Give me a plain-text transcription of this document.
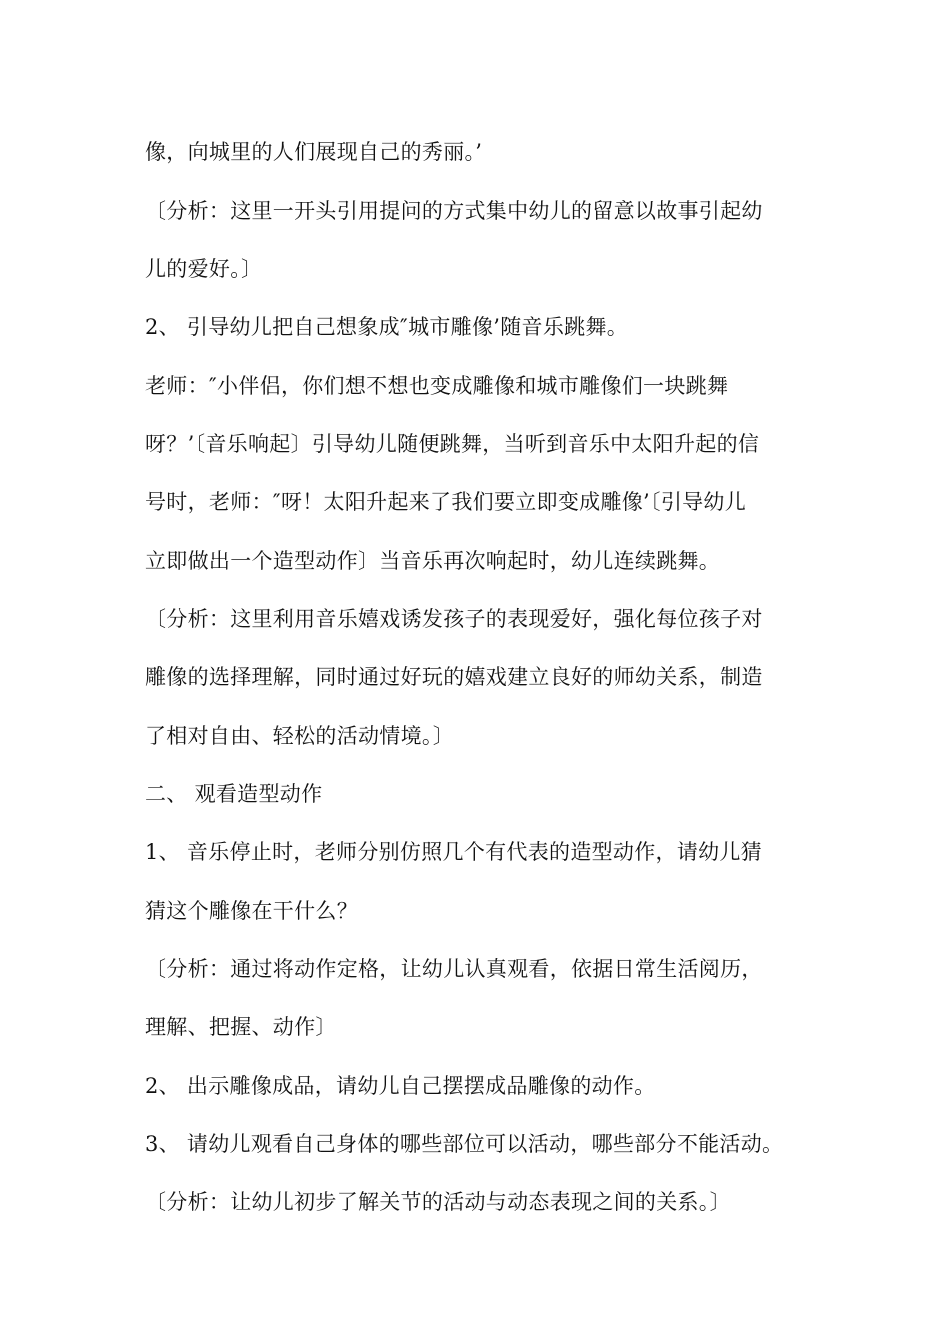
像，向城里的人们展现自己的秀丽。’
〔分析：这里一开头引用提问的方式集中幼儿的留意以故事引起幼
儿的爱好。〕
2、 引导幼儿把自己想象成″城市雕像’随音乐跳舞。
老师：″小伴侣，你们想不想也变成雕像和城市雕像们一块跳舞
呀？’〔音乐响起〕引导幼儿随便跳舞，当听到音乐中太阳升起的信
号时，老师：″呀！太阳升起来了我们要立即变成雕像’〔引导幼儿
立即做出一个造型动作〕当音乐再次响起时，幼儿连续跳舞。
〔分析：这里利用音乐嬉戏诱发孩子的表现爱好，强化每位孩子对
雕像的选择理解，同时通过好玩的嬉戏建立良好的师幼关系，制造
了相对自由、轻松的活动情境。〕
二、 观看造型动作
1、 音乐停止时，老师分别仿照几个有代表的造型动作，请幼儿猜
猜这个雕像在干什么？
〔分析：通过将动作定格，让幼儿认真观看，依据日常生活阅历，
理解、把握、动作〕
2、 出示雕像成品，请幼儿自己摆摆成品雕像的动作。
3、 请幼儿观看自己身体的哪些部位可以活动，哪些部分不能活动。
〔分析：让幼儿初步了解关节的活动与动态表现之间的关系。〕
